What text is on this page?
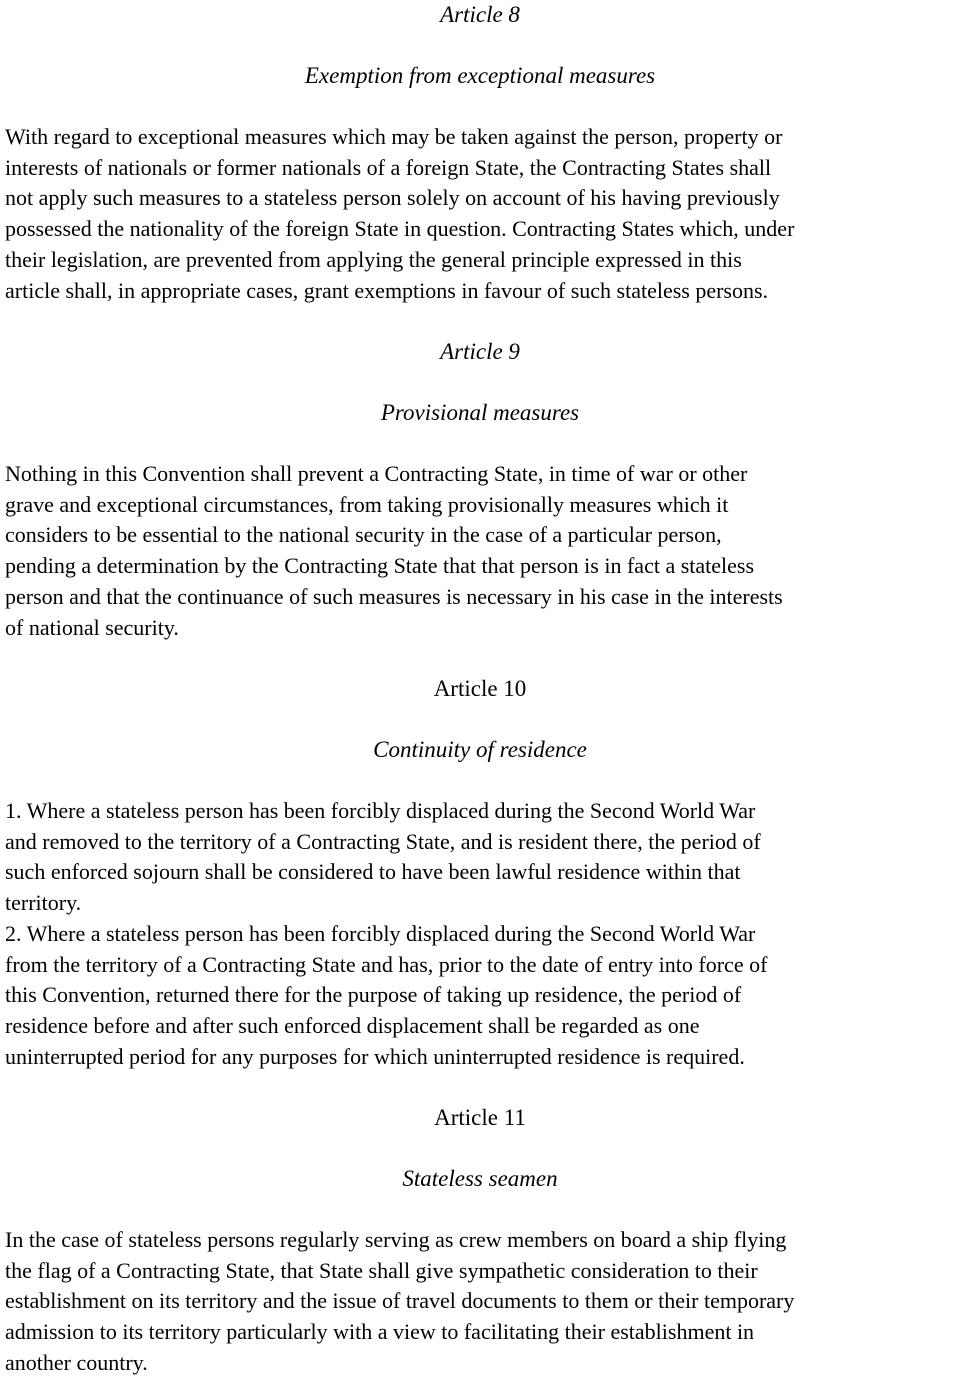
Article 8
Exemption from exceptional measures
With regard to exceptional measures which may be taken against the person, property or
interests of nationals or former nationals of a foreign State, the Contracting States shall
not apply such measures to a stateless person solely on account of his having previously
possessed the nationality of the foreign State in question. Contracting States which, under
their legislation, are prevented from applying the general principle expressed in this
article shall, in appropriate cases, grant exemptions in favour of such stateless persons.
Article 9
Provisional measures
Nothing in this Convention shall prevent a Contracting State, in time of war or other
grave and exceptional circumstances, from taking provisionally measures which it
considers to be essential to the national security in the case of a particular person,
pending a determination by the Contracting State that that person is in fact a stateless
person and that the continuance of such measures is necessary in his case in the interests
of national security.
Article 10
Continuity of residence
1. Where a stateless person has been forcibly displaced during the Second World War
and removed to the territory of a Contracting State, and is resident there, the period of
such enforced sojourn shall be considered to have been lawful residence within that
territory.
2. Where a stateless person has been forcibly displaced during the Second World War
from the territory of a Contracting State and has, prior to the date of entry into force of
this Convention, returned there for the purpose of taking up residence, the period of
residence before and after such enforced displacement shall be regarded as one
uninterrupted period for any purposes for which uninterrupted residence is required.
Article 11
Stateless seamen
In the case of stateless persons regularly serving as crew members on board a ship flying
the flag of a Contracting State, that State shall give sympathetic consideration to their
establishment on its territory and the issue of travel documents to them or their temporary
admission to its territory particularly with a view to facilitating their establishment in
another country.
